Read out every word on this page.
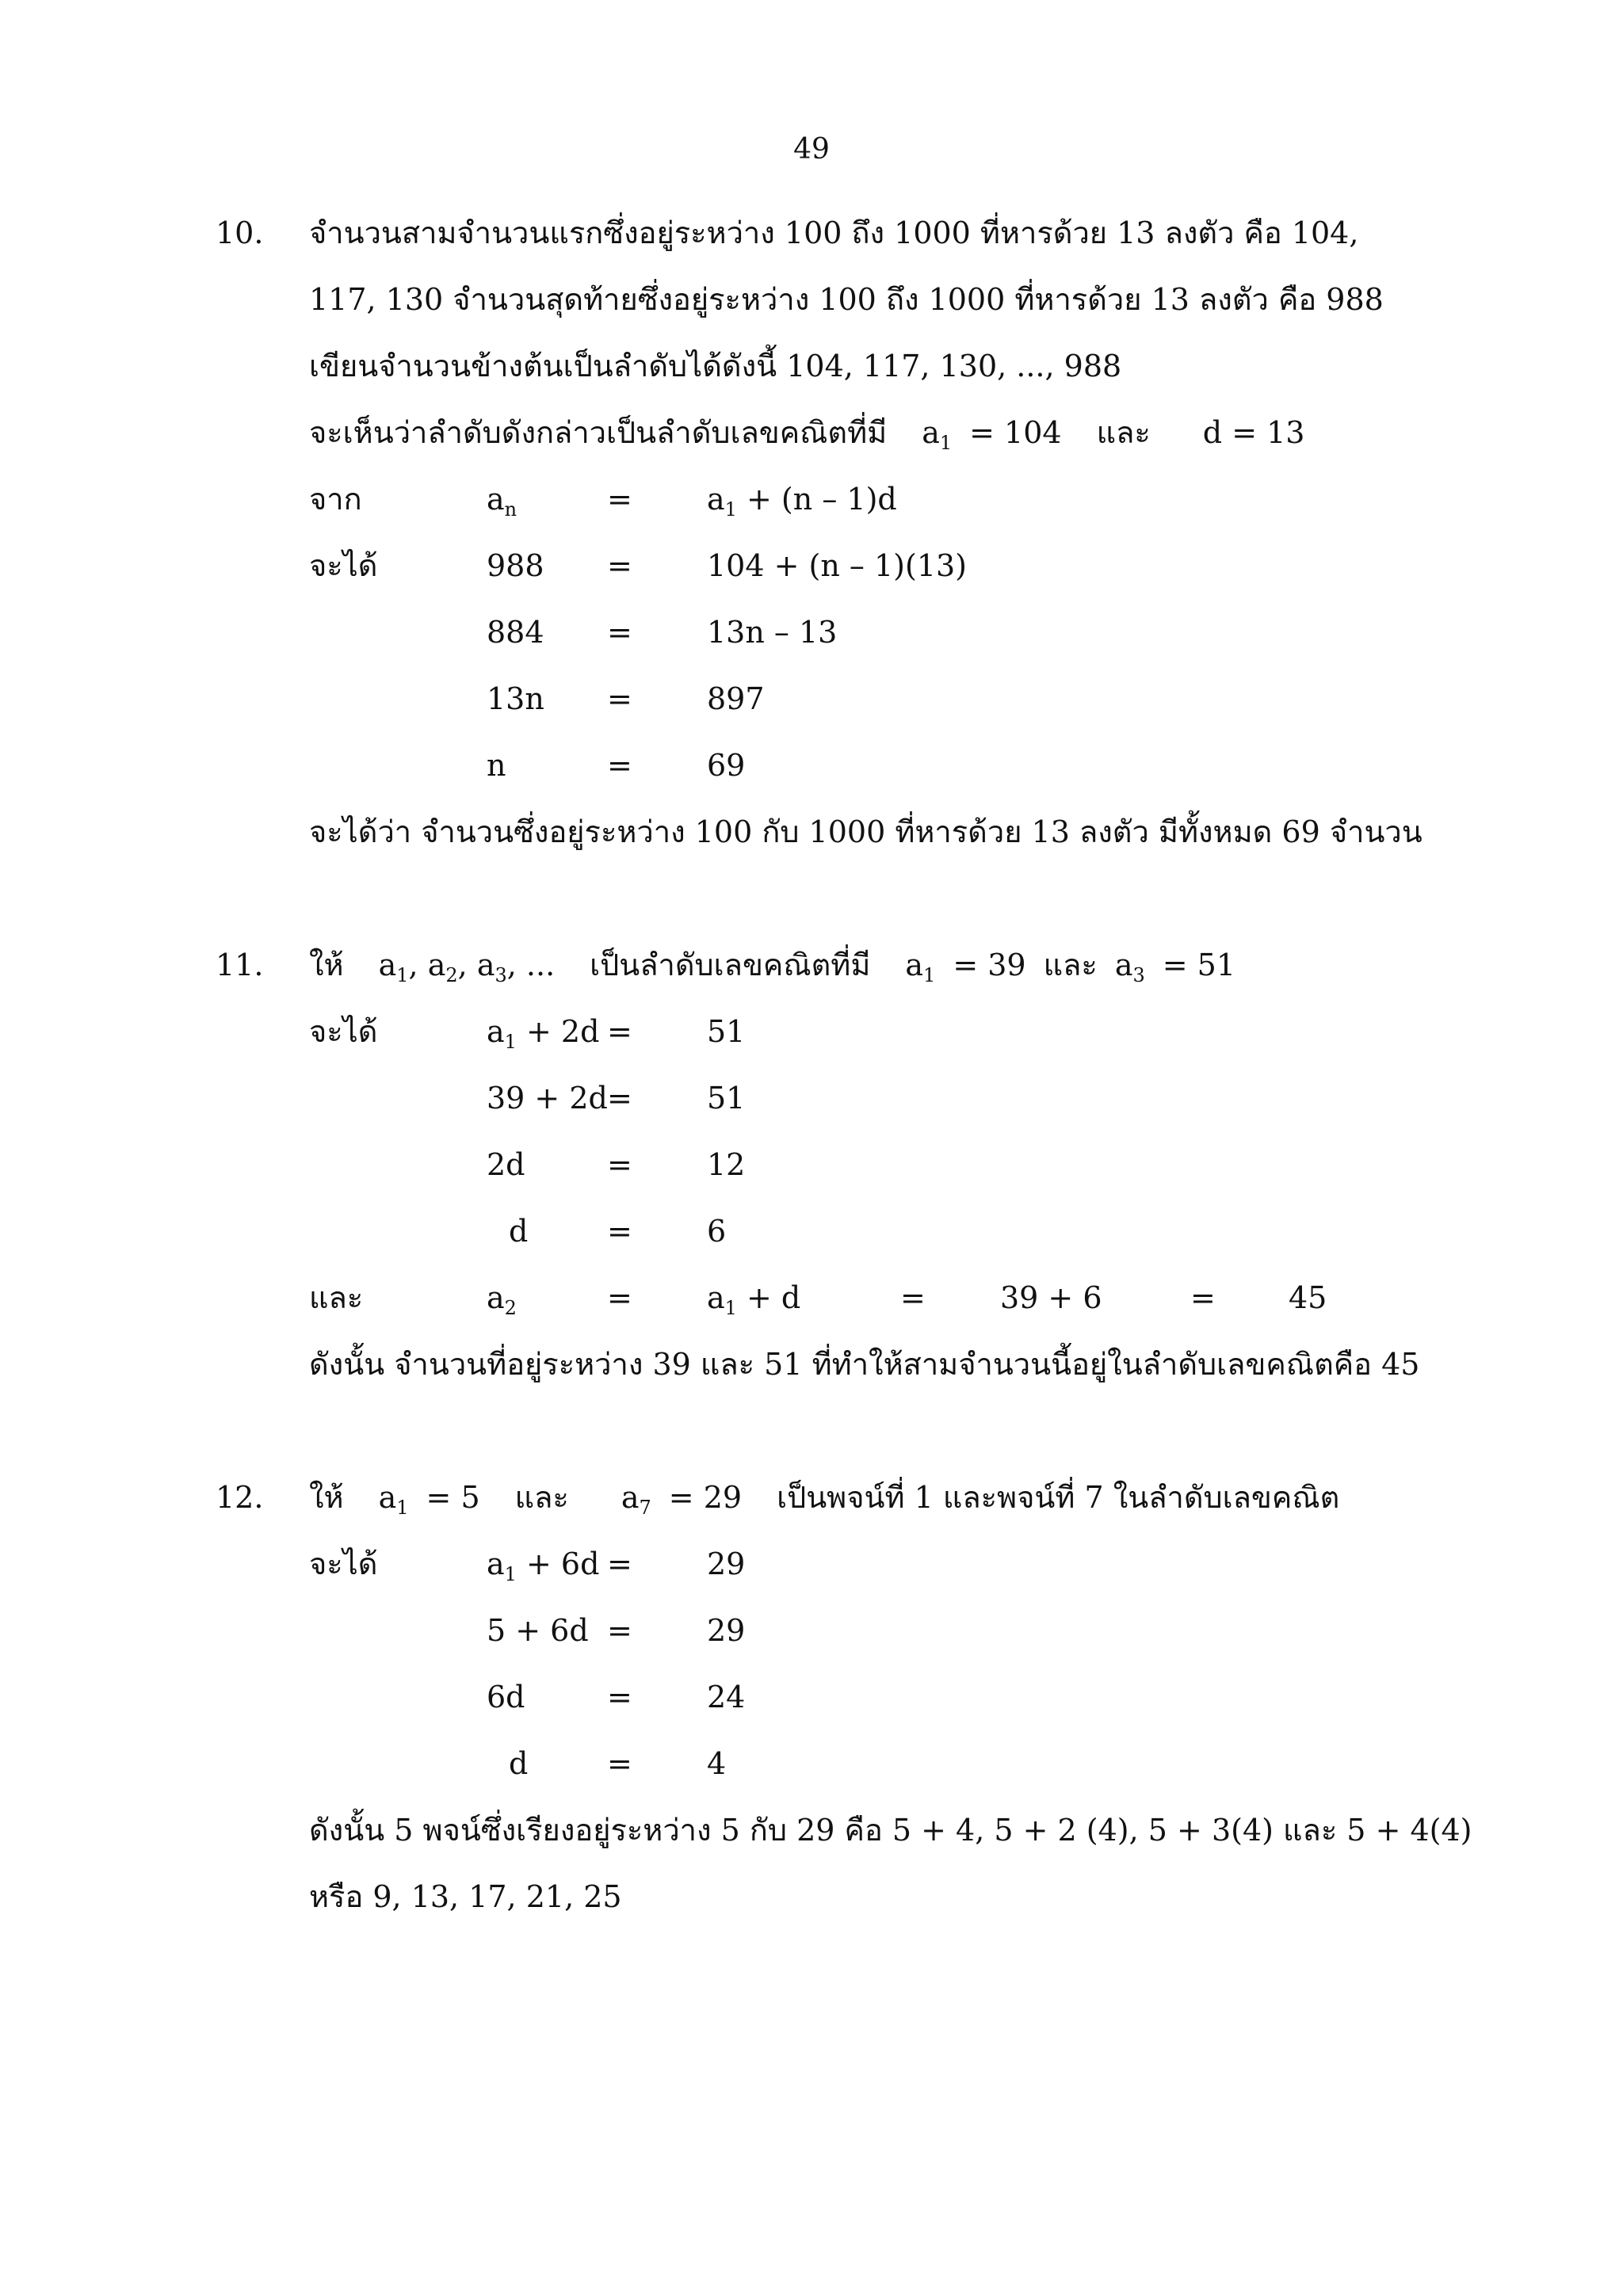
49
10. จำนวนสามจำนวนแรกซึ่งอยู่ระหว่าง 100 ถึง 1000 ที่หารด้วย 13 ลงตัว คือ 104,
117, 130 จำนวนสุดท้ายซึ่งอยู่ระหว่าง 100 ถึง 1000 ที่หารด้วย 13 ลงตัว คือ 988
เขียนจำนวนข้างต้นเป็นลำดับได้ดังนี้ 104, 117, 130, ..., 988
จะเห็นว่าลำดับดังกล่าวเป็นลำดับเลขคณิตที่มี $a_1 = 104$ และ d = 13
จาก	$a_n$	= $a_1 + (n - 1)d$
จะได้	988 = 104 + (n – 1)(13)
884 = 13n – 13
13n = 897
n	= 69
จะได้ว่า จำนวนซึ่งอยู่ระหว่าง 100 กับ 1000 ที่หารด้วย 13 ลงตัว มีทั้งหมด 69 จำนวน
11. ให้ $a_1$, $a_2$, $a_3$, ... เป็นลำดับเลขคณิตที่มี $a_1 = 39$ และ $a_3 = 51$
จะได้	$a_1 + 2d = 51$
39 + 2d = 51
2d	= 12
d	= 6
และ	$a_2$	= $a_1 + d$	= 39 + 6	= 45
ดังนั้น จำนวนที่อยู่ระหว่าง 39 และ 51 ที่ทำให้สามจำนวนนี้อยู่ในลำดับเลขคณิตคือ 45
12. ให้ $a_1 = 5$ และ $a_7 = 29$ เป็นพจน์ที่ 1 และพจน์ที่ 7 ในลำดับเลขคณิต
จะได้	$a_1 + 6d = 29$
5 + 6d = 29
6d	= 24
d	= 4
ดังนั้น 5 พจน์ซึ่งเรียงอยู่ระหว่าง 5 กับ 29 คือ 5 + 4, 5 + 2 (4), 5 + 3(4) และ 5 + 4(4)
หรือ 9, 13, 17, 21, 25
